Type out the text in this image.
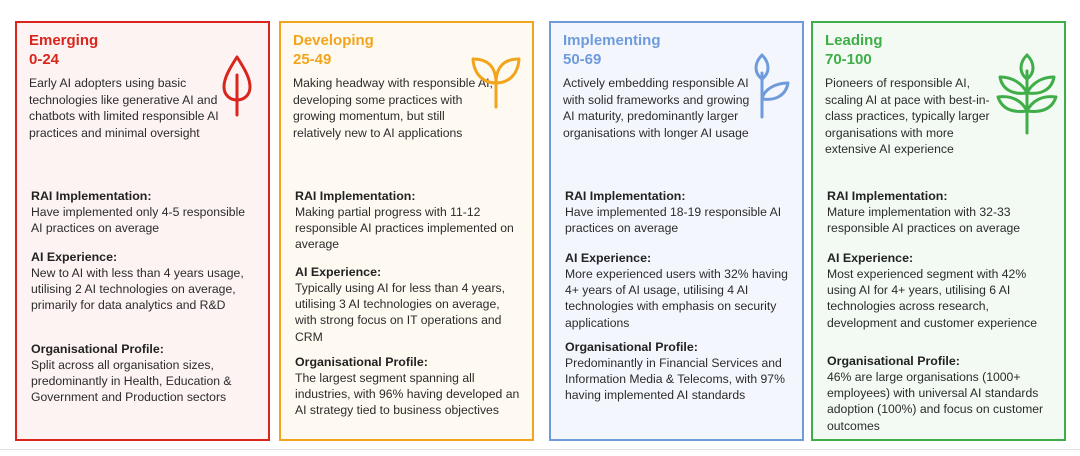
Emerging
0-24
Early AI adopters using basic technologies like generative AI and chatbots with limited responsible AI practices and minimal oversight
RAI Implementation:
Have implemented only 4-5 responsible AI practices on average
AI Experience:
New to AI with less than 4 years usage, utilising 2 AI technologies on average, primarily for data analytics and R&D
Organisational Profile:
Split across all organisation sizes, predominantly in Health, Education & Government and Production sectors
Developing
25-49
Making headway with responsible AI, developing some practices with growing momentum, but still relatively new to AI applications
RAI Implementation:
Making partial progress with 11-12 responsible AI practices implemented on average
AI Experience:
Typically using AI for less than 4 years, utilising 3 AI technologies on average, with strong focus on IT operations and CRM
Organisational Profile:
The largest segment spanning all industries, with 96% having developed an AI strategy tied to business objectives
Implementing
50-69
Actively embedding responsible AI with solid frameworks and growing AI maturity, predominantly larger organisations with longer AI usage
RAI Implementation:
Have implemented 18-19 responsible AI practices on average
AI Experience:
More experienced users with 32% having 4+ years of AI usage, utilising 4 AI technologies with emphasis on security applications
Organisational Profile:
Predominantly in Financial Services and Information Media & Telecoms, with 97% having implemented AI standards
Leading
70-100
Pioneers of responsible AI, scaling AI at pace with best-in-class practices, typically larger organisations with more extensive AI experience
RAI Implementation:
Mature implementation with 32-33 responsible AI practices on average
AI Experience:
Most experienced segment with 42% using AI for 4+ years, utilising 6 AI technologies across research, development and customer experience
Organisational Profile:
46% are large organisations (1000+ employees) with universal AI standards adoption (100%) and focus on customer outcomes
